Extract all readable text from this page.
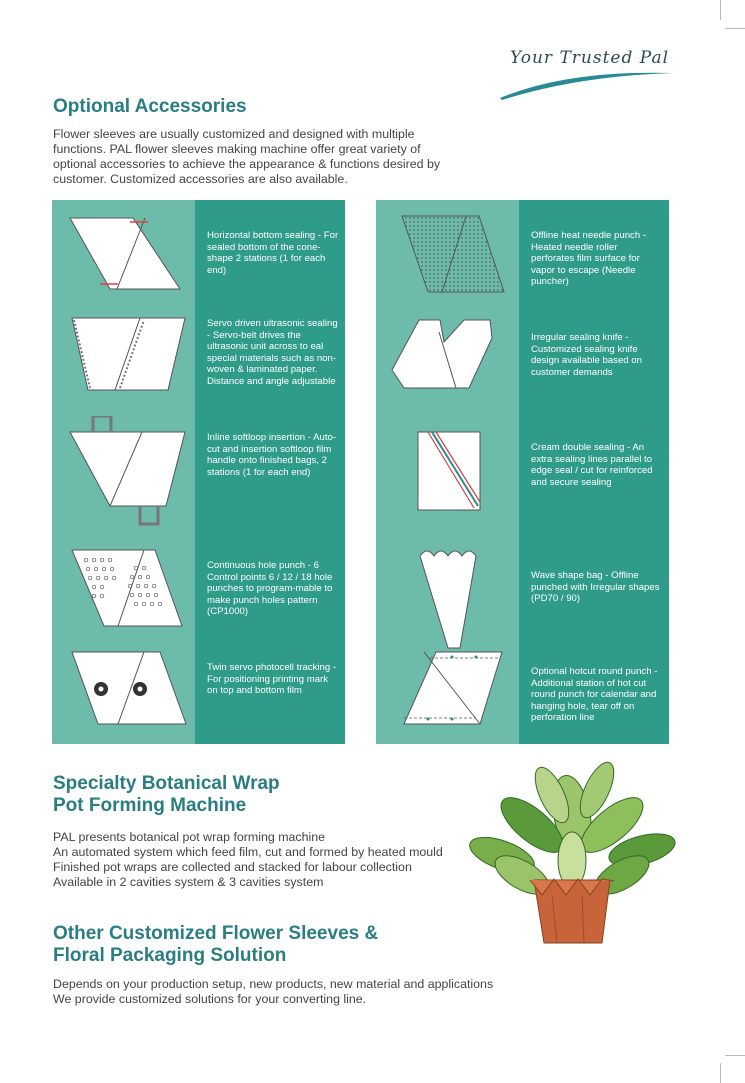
Your Trusted Pal
Optional Accessories

Flower sleeves are usually customized and designed with multiple functions. PAL flower sleeves making machine offer great variety of optional accessories to achieve the appearance & functions desired by customer. Customized accessories are also available.

Horizontal bottom sealing - For sealed bottom of the cone-shape 2 stations (1 for each end)
Servo driven ultrasonic sealing - Servo-belt drives the ultrasonic unit across to eal special materials such as non-woven & laminated paper. Distance and angle adjustable
Inline softloop insertion - Auto-cut and insertion softloop film handle onto finished bags, 2 stations (1 for each end)
Continuous hole punch - 6 Control points 6 / 12 / 18 hole punches to program-mable to make punch holes pattern (CP1000)
Twin servo photocell tracking - For positioning printing mark on top and bottom film
Offline heat needle punch - Heated needle roller perforates film surface for vapor to escape (Needle puncher)
Irregular sealing knife - Customized sealing knife design available based on customer demands
Cream double sealing - An extra sealing lines parallel to edge seal / cut for reinforced and secure sealing
Wave shape bag - Offline punched with Irregular shapes (PD70 / 90)
Optional hotcut round punch - Additional station of hot cut round punch for calendar and hanging hole, tear off on perforation line
Specialty Botanical Wrap
Pot Forming Machine
PAL presents botanical pot wrap forming machine
An automated system which feed film, cut and formed by heated mould
Finished pot wraps are collected and stacked for labour collection
Available in 2 cavities system & 3 cavities system
Other Customized Flower Sleeves &
Floral Packaging Solution
Depends on your production setup, new products, new material and applications
We provide customized solutions for your converting line.
